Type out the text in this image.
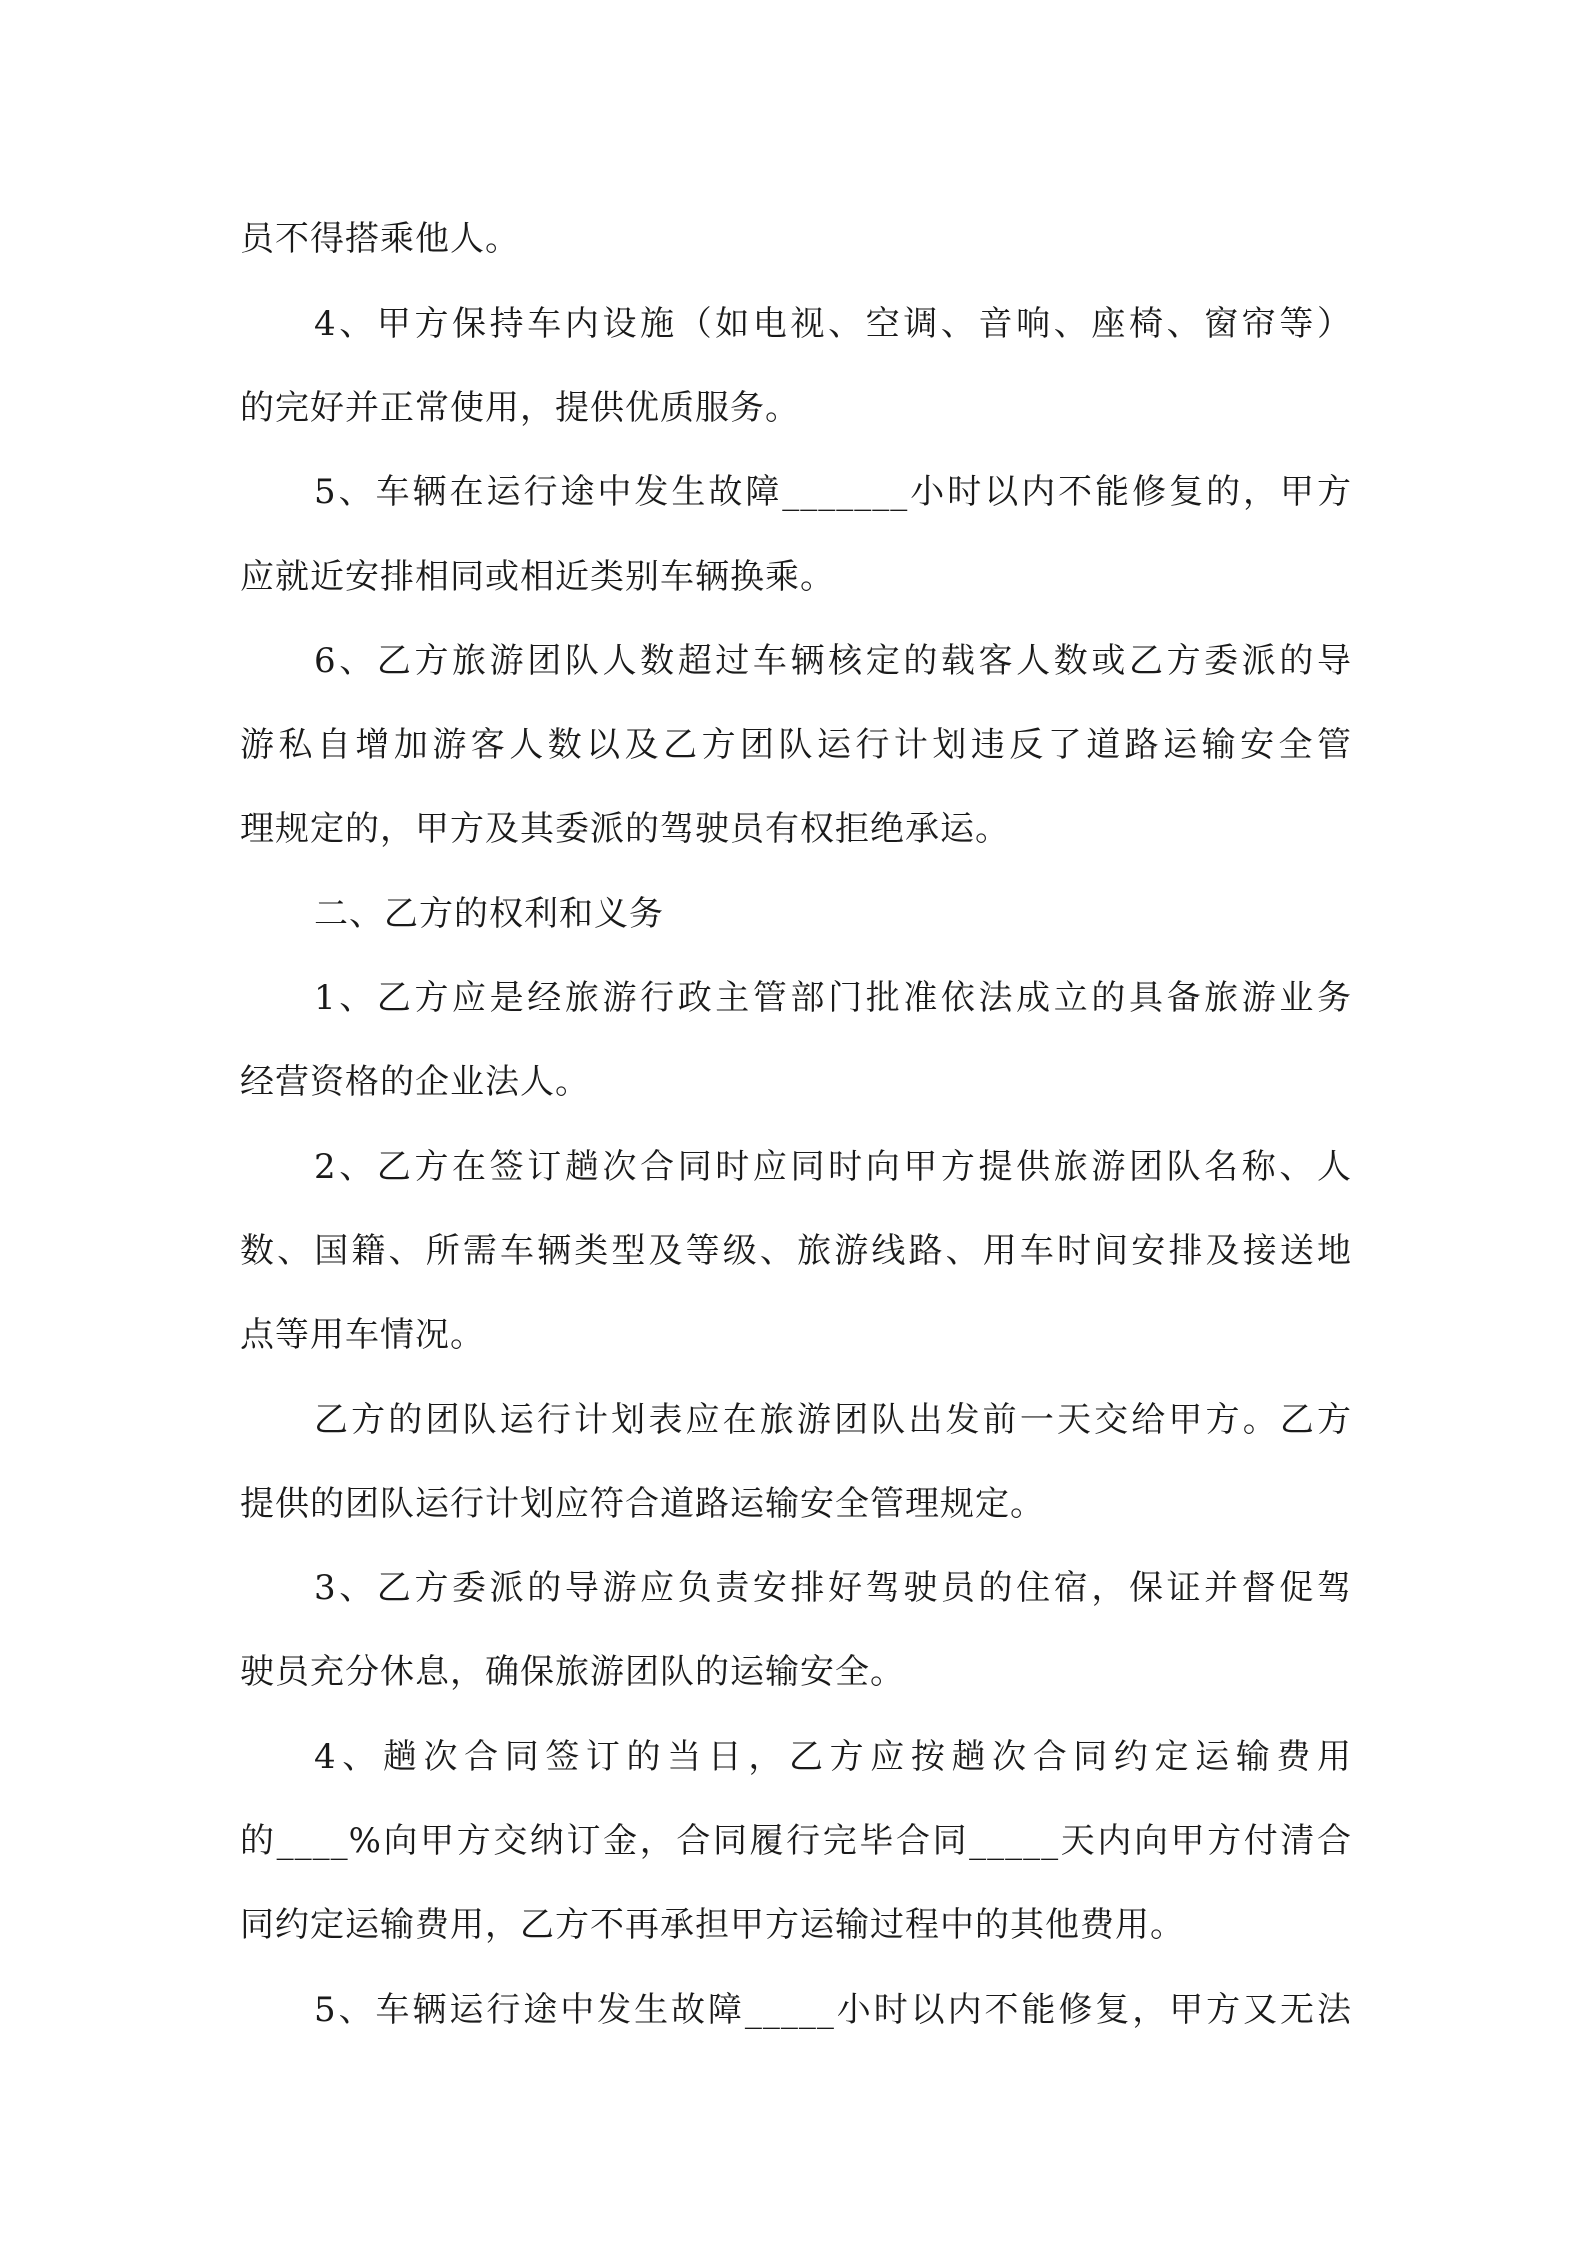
员不得搭乘他人。
4、甲方保持车内设施（如电视、空调、音响、座椅、窗帘等）
的完好并正常使用，提供优质服务。
5、车辆在运行途中发生故障_______小时以内不能修复的，甲方
应就近安排相同或相近类别车辆换乘。
6、乙方旅游团队人数超过车辆核定的载客人数或乙方委派的导
游私自增加游客人数以及乙方团队运行计划违反了道路运输安全管
理规定的，甲方及其委派的驾驶员有权拒绝承运。
二、乙方的权利和义务
1、乙方应是经旅游行政主管部门批准依法成立的具备旅游业务
经营资格的企业法人。
2、乙方在签订趟次合同时应同时向甲方提供旅游团队名称、人
数、国籍、所需车辆类型及等级、旅游线路、用车时间安排及接送地
点等用车情况。
乙方的团队运行计划表应在旅游团队出发前一天交给甲方。乙方
提供的团队运行计划应符合道路运输安全管理规定。
3、乙方委派的导游应负责安排好驾驶员的住宿，保证并督促驾
驶员充分休息，确保旅游团队的运输安全。
4、趟次合同签订的当日，乙方应按趟次合同约定运输费用
的____%向甲方交纳订金，合同履行完毕合同_____天内向甲方付清合
同约定运输费用，乙方不再承担甲方运输过程中的其他费用。
5、车辆运行途中发生故障_____小时以内不能修复，甲方又无法
